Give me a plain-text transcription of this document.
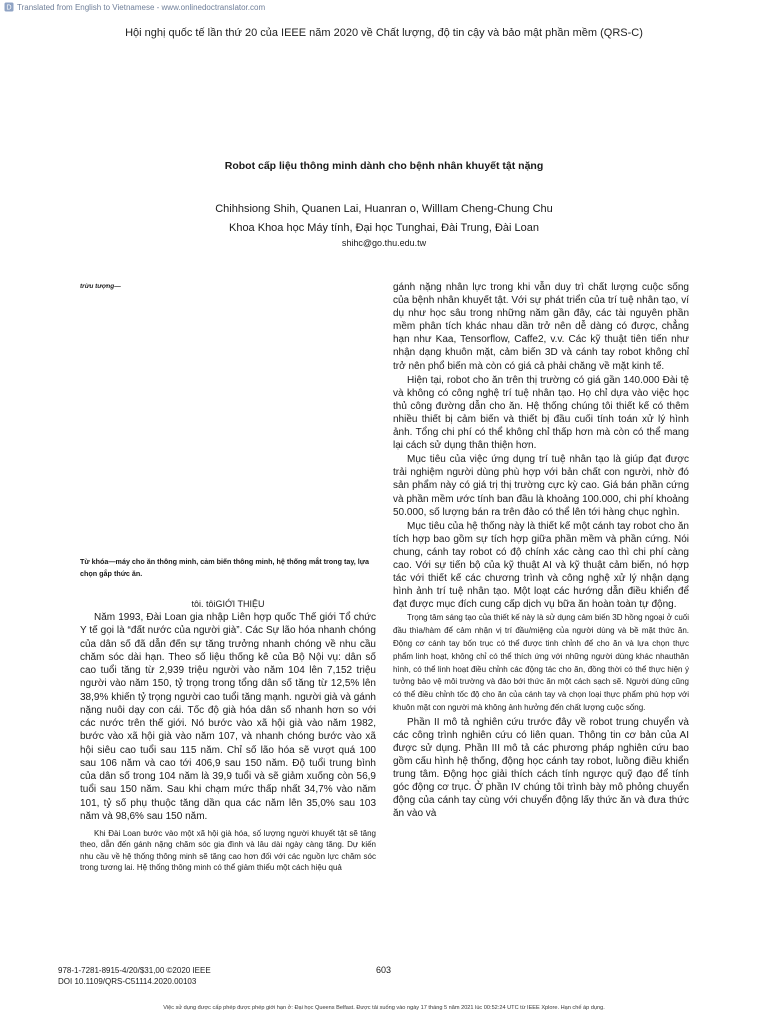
D Translated from English to Vietnamese - www.onlinedoctranslator.com
Hội nghị quốc tế lần thứ 20 của IEEE năm 2020 về Chất lượng, độ tin cậy và bảo mật phần mềm (QRS-C)
Robot cấp liệu thông minh dành cho bệnh nhân khuyết tật nặng
Chihhsiong Shih, Quanen Lai, Huanran o, WillIam Cheng-Chung Chu
Khoa Khoa học Máy tính, Đại học Tunghai, Đài Trung, Đài Loan
shihc@go.thu.edu.tw
trừu tượng—
Từ khóa—máy cho ăn thông minh, cảm biến thông minh, hệ thống mắt trong tay, lựa chọn gắp thức ăn.
tôi. tôiGIỚI THIỆU

Năm 1993, Đài Loan gia nhập Liên hợp quốc Thế giới Tổ chức Y tế gọi là “đất nước của người già”. Các Sự lão hóa nhanh chóng của dân số đã dẫn đến sự tăng trưởng nhanh chóng về nhu cầu chăm sóc dài hạn. Theo số liệu thống kê của Bộ Nội vụ: dân số cao tuổi tăng từ 2,939 triệu người vào năm 104 lên 7,152 triệu người vào năm 150, tỷ trọng trong tổng dân số tăng từ 12,5% lên 38,9% khiến tỷ trọng người cao tuổi tăng mạnh. người già và gánh nặng nuôi dạy con cái. Tốc độ già hóa dân số nhanh hơn so với các nước trên thế giới. Nó bước vào xã hội già vào năm 1982, bước vào xã hội già vào năm 107, và nhanh chóng bước vào xã hội siêu cao tuổi sau 115 năm. Chỉ số lão hóa sẽ vượt quá 100 sau 106 năm và cao tới 406,9 sau 150 năm. Độ tuổi trung bình của dân số trong 104 năm là 39,9 tuổi và sẽ giảm xuống còn 56,9 tuổi sau 150 năm. Sau khi chạm mức thấp nhất 34,7% vào năm 101, tỷ số phụ thuộc tăng dần qua các năm lên 35,0% sau 103 năm và 98,6% sau 150 năm.

Khi Đài Loan bước vào một xã hội già hóa, số lượng người khuyết tật sẽ tăng theo, dẫn đến gánh nặng chăm sóc gia đình và lâu dài ngày càng tăng. Dự kiến nhu cầu về hệ thống thông minh sẽ tăng cao hơn đối với các nguồn lực chăm sóc trong tương lai. Hệ thống thông minh có thể giảm thiểu một cách hiệu quả

gánh nặng nhân lực trong khi vẫn duy trì chất lượng cuộc sống của bệnh nhân khuyết tật. Với sự phát triển của trí tuệ nhân tạo, ví dụ như học sâu trong những năm gần đây, các tài nguyên phần mềm phân tích khác nhau dần trở nên dễ dàng có được, chẳng hạn như Kaa, Tensorflow, Caffe2, v.v. Các kỹ thuật tiên tiến như nhận dạng khuôn mặt, cảm biến 3D và cánh tay robot không chỉ trở nên phổ biến mà còn có giá cả phải chăng về mặt kinh tế.

Hiện tại, robot cho ăn trên thị trường có giá gần 140.000 Đài tệ và không có công nghệ trí tuệ nhân tạo. Họ chỉ dựa vào việc học thủ công đường dẫn cho ăn. Hệ thống chúng tôi thiết kế có thêm nhiều thiết bị cảm biến và thiết bị đầu cuối tính toán xử lý hình ảnh. Tổng chi phí có thể không chỉ thấp hơn mà còn có thể mang lại cách sử dụng thân thiện hơn.

Mục tiêu của việc ứng dụng trí tuệ nhân tạo là giúp đạt được trải nghiệm người dùng phù hợp với bản chất con người, nhờ đó sản phẩm này có giá trị thị trường cực kỳ cao. Giá bán phần cứng và phần mềm ước tính ban đầu là khoảng 100.000, chi phí khoảng 50.000, số lượng bán ra trên đảo có thể lên tới hàng chục nghìn.

Mục tiêu của hệ thống này là thiết kế một cánh tay robot cho ăn tích hợp bao gồm sự tích hợp giữa phần mềm và phần cứng. Nói chung, cánh tay robot có độ chính xác càng cao thì chi phí càng cao. Với sự tiến bộ của kỹ thuật AI và kỹ thuật cảm biến, nó hợp tác với thiết kế các chương trình và công nghệ xử lý nhận dạng hình ảnh trí tuệ nhân tạo. Một loạt các hướng dẫn điều khiển để đạt được mục đích cung cấp dịch vụ bữa ăn hoàn toàn tự động.

Trọng tâm sáng tạo của thiết kế này là sử dụng cảm biến 3D hồng ngoại ở cuối đầu thìa/hàm để cảm nhận vị trí đầu/miệng của người dùng và bề mặt thức ăn. Động cơ cánh tay bốn trục có thể được tinh chỉnh để cho ăn và lựa chọn thực phẩm linh hoạt, không chỉ có thể thích ứng với những người dùng khác nhauthân hình, có thể linh hoạt điều chỉnh các động tác cho ăn, đồng thời có thể thực hiện ý tưởng bảo vệ môi trường và đảo bới thức ăn một cách sạch sẽ. Người dùng cũng có thể điều chỉnh tốc độ cho ăn của cánh tay và chọn loại thực phẩm phù hợp với khuôn mặt con người mà không ảnh hưởng đến chất lượng cuộc sống.

Phần II mô tả nghiên cứu trước đây về robot trung chuyển và các công trình nghiên cứu có liên quan. Thông tin cơ bản của AI được sử dụng. Phần III mô tả các phương pháp nghiên cứu bao gồm cấu hình hệ thống, động học cánh tay robot, luồng điều khiển trung tâm. Động học giải thích cách tính ngược quỹ đạo để tính góc động cơ trục. Ở phần IV chúng tôi trình bày mô phỏng chuyển động của cánh tay cùng với chuyển động lấy thức ăn và đưa thức ăn vào và

978-1-7281-8915-4/20/$31,00 ©2020 IEEE
DOI 10.1109/QRS-C51114.2020.00103
603
Việc sử dụng được cấp phép được phép giới hạn ở: Đại học Queens Belfast. Được tải xuống vào ngày 17 tháng 5 năm 2021 lúc 00:52:24 UTC từ IEEE Xplore. Hạn chế áp dụng.
